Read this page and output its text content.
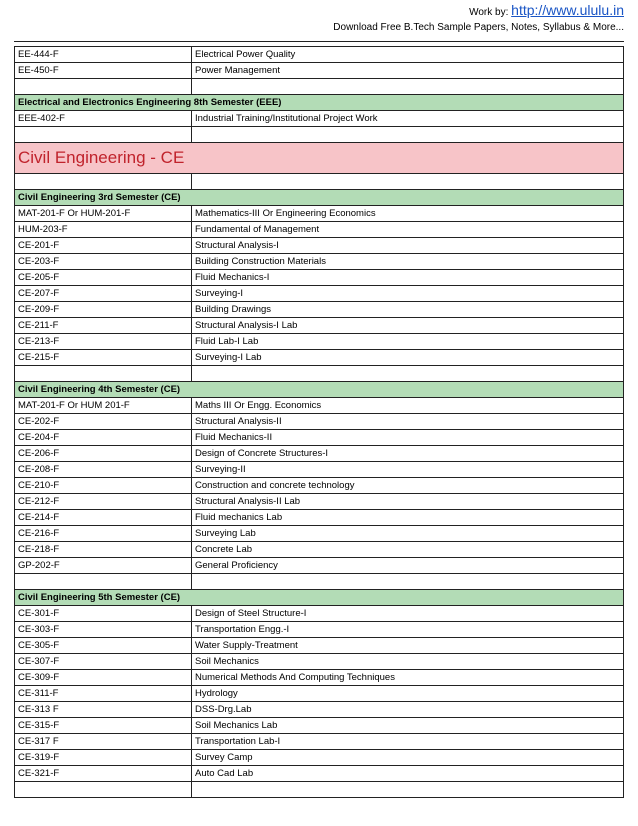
Work by: http://www.ululu.in
Download Free B.Tech Sample Papers, Notes, Syllabus & More...
EE-444-F	Electrical Power Quality
EE-450-F	Power Management

Electrical and Electronics Engineering 8th Semester (EEE)	
EEE-402-F	Industrial Training/Institutional Project Work

Civil Engineering - CE	

Civil Engineering 3rd Semester (CE)	
MAT-201-F Or HUM-201-F	Mathematics-III Or Engineering Economics
HUM-203-F	Fundamental of Management
CE-201-F	Structural Analysis-I
CE-203-F	Building Construction Materials
CE-205-F	Fluid Mechanics-I
CE-207-F	Surveying-I
CE-209-F	Building Drawings
CE-211-F	Structural Analysis-I Lab
CE-213-F	Fluid Lab-I Lab
CE-215-F	Surveying-I Lab

Civil Engineering 4th Semester (CE)	
MAT-201-F Or HUM 201-F	Maths III Or Engg. Economics
CE-202-F	Structural Analysis-II
CE-204-F	Fluid Mechanics-II
CE-206-F	Design of Concrete Structures-I
CE-208-F	Surveying-II
CE-210-F	Construction and concrete technology
CE-212-F	Structural Analysis-II Lab
CE-214-F	Fluid mechanics Lab
CE-216-F	Surveying Lab
CE-218-F	Concrete Lab
GP-202-F	General Proficiency

Civil Engineering 5th Semester (CE)	
CE-301-F	Design of Steel Structure-I
CE-303-F	Transportation Engg.-I
CE-305-F	Water Supply-Treatment
CE-307-F	Soil Mechanics
CE-309-F	Numerical Methods And Computing Techniques
CE-311-F	Hydrology
CE-313 F	DSS-Drg.Lab
CE-315-F	Soil Mechanics Lab
CE-317 F	Transportation Lab-I
CE-319-F	Survey Camp
CE-321-F	Auto Cad Lab
